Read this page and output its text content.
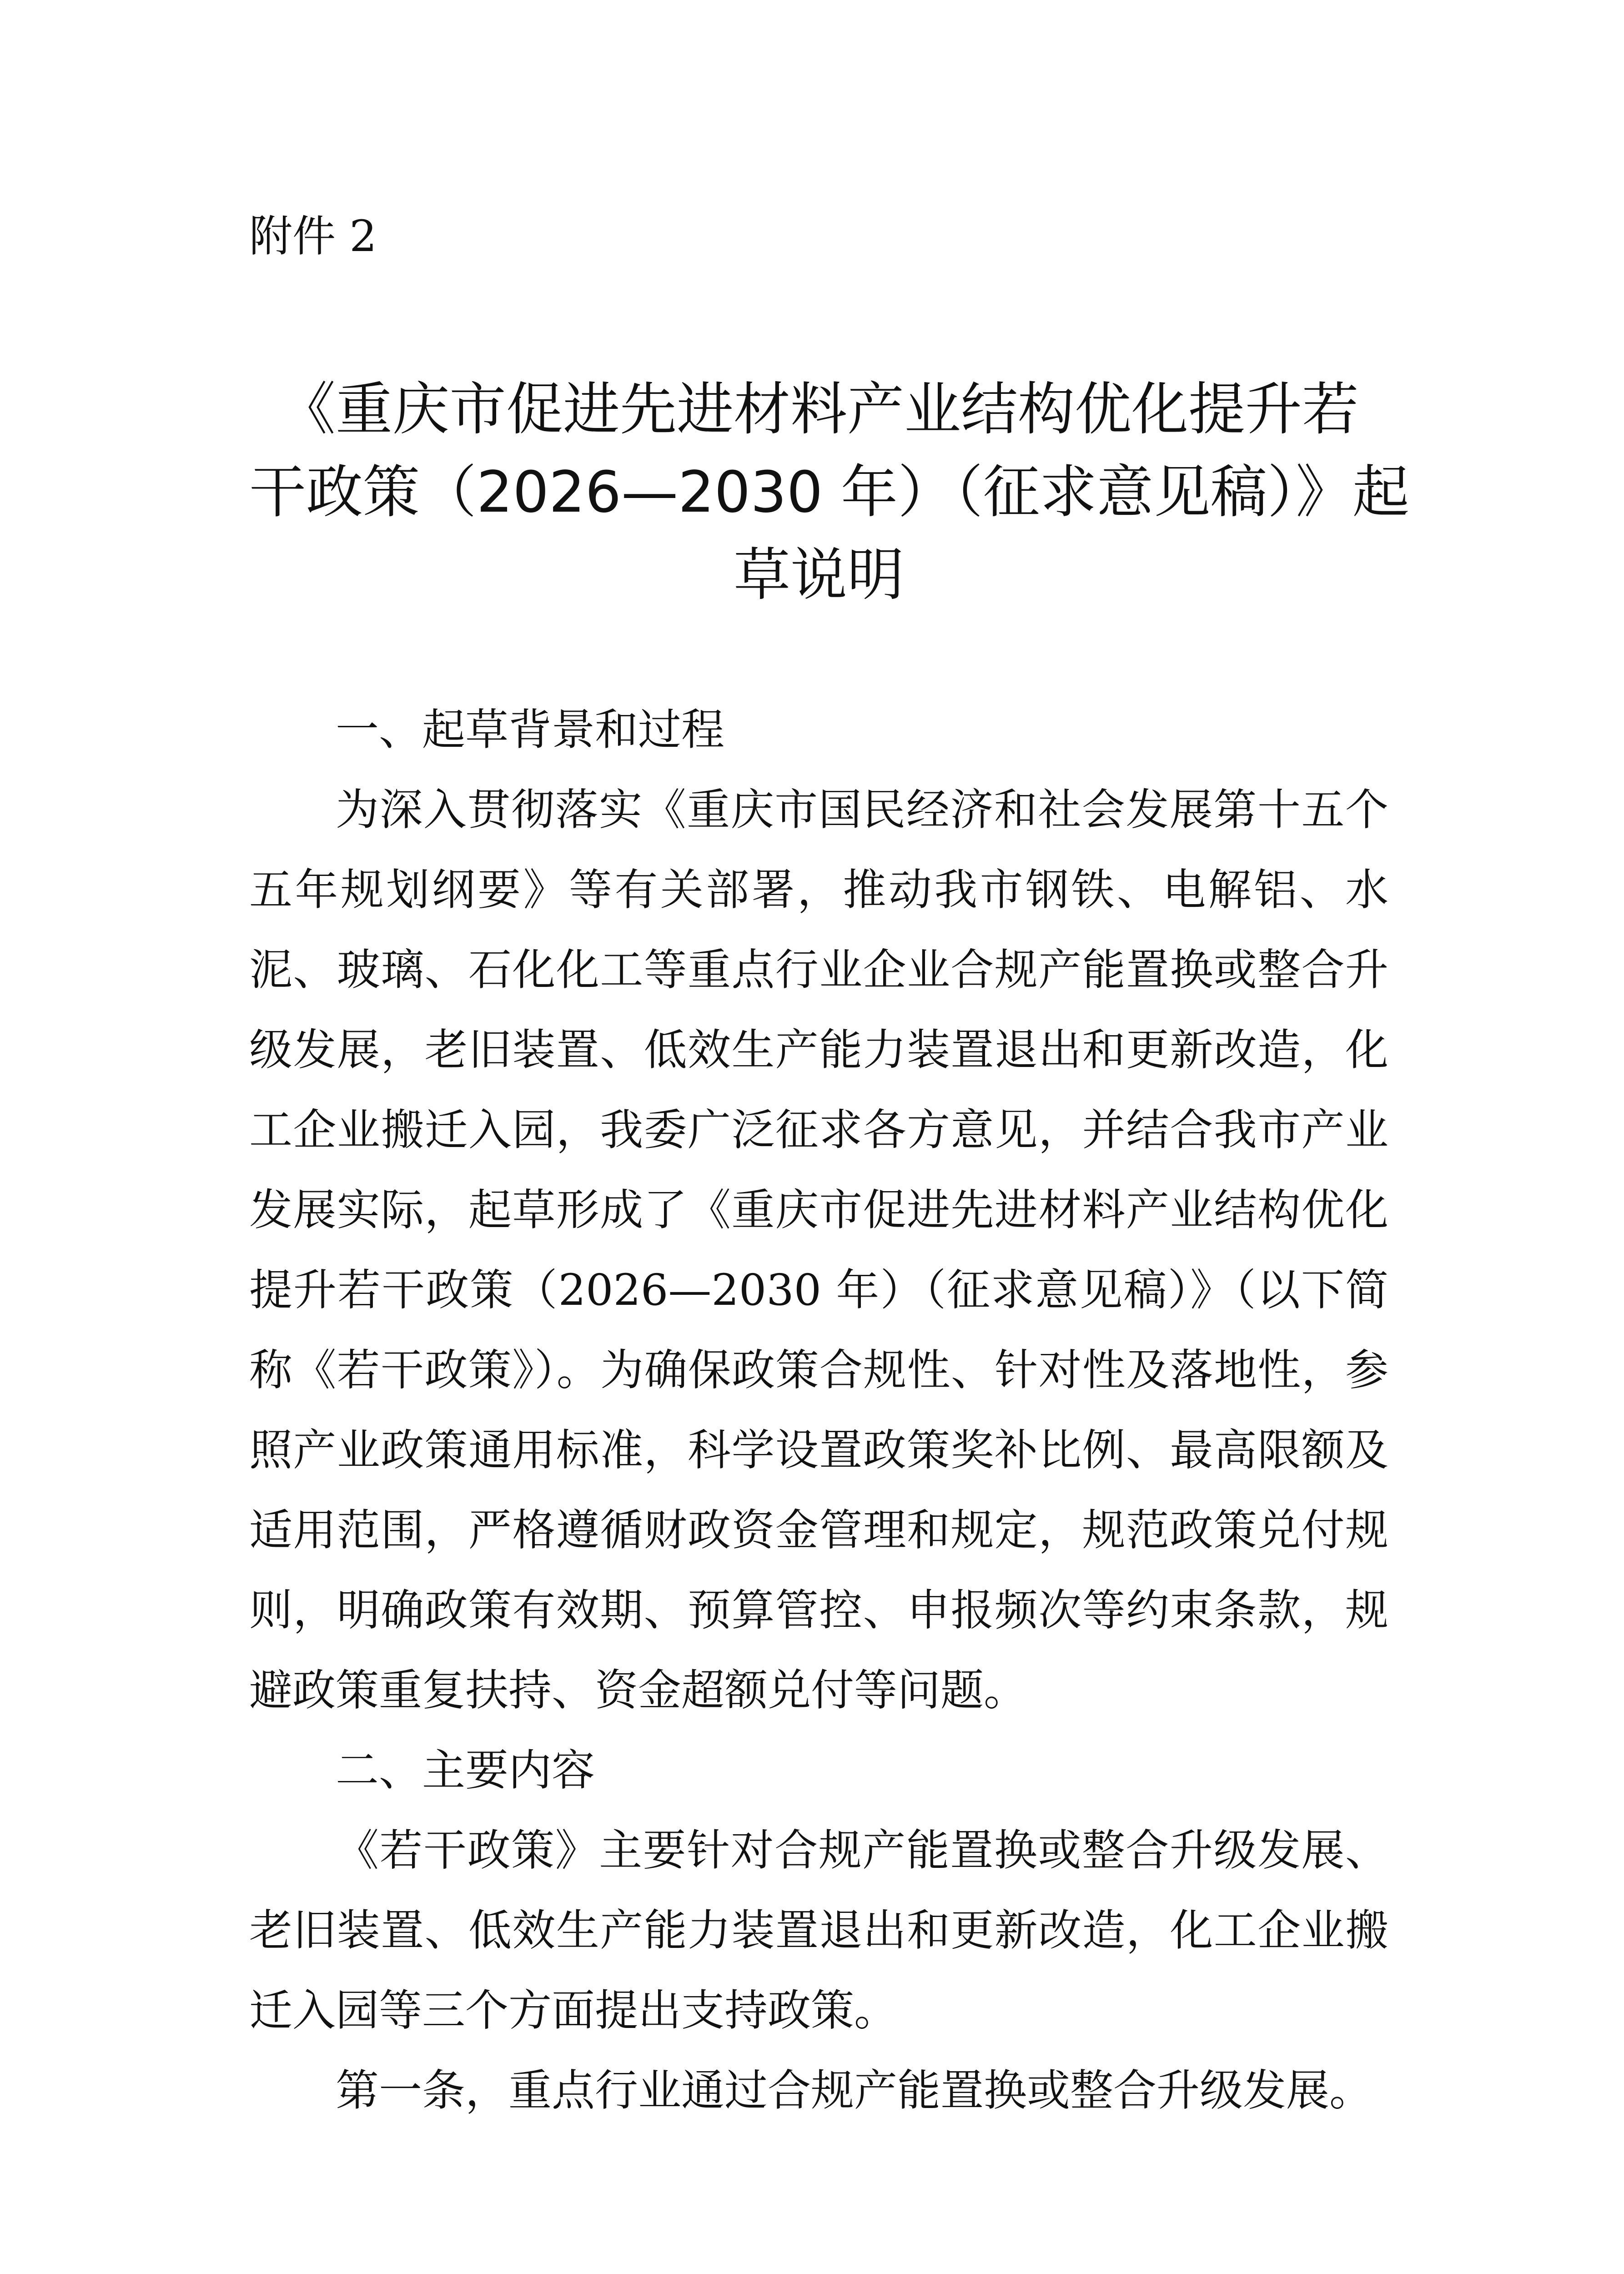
附件 2
《重庆市促进先进材料产业结构优化提升若
干政策（2026—2030 年）（征求意见稿）》起
草说明

一、起草背景和过程

为深入贯彻落实《重庆市国民经济和社会发展第十五个五年规划纲要》等有关部署，推动我市钢铁、电解铝、水泥、玻璃、石化化工等重点行业企业合规产能置换或整合升级发展，老旧装置、低效生产能力装置退出和更新改造，化工企业搬迁入园，我委广泛征求各方意见，并结合我市产业发展实际，起草形成了《重庆市促进先进材料产业结构优化提升若干政策（2026—2030 年）（征求意见稿）》（以下简称《若干政策》）。为确保政策合规性、针对性及落地性，参照产业政策通用标准，科学设置政策奖补比例、最高限额及适用范围，严格遵循财政资金管理和规定，规范政策兑付规则，明确政策有效期、预算管控、申报频次等约束条款，规避政策重复扶持、资金超额兑付等问题。

二、主要内容

《若干政策》主要针对合规产能置换或整合升级发展、老旧装置、低效生产能力装置退出和更新改造，化工企业搬迁入园等三个方面提出支持政策。

第一条，重点行业通过合规产能置换或整合升级发展。
